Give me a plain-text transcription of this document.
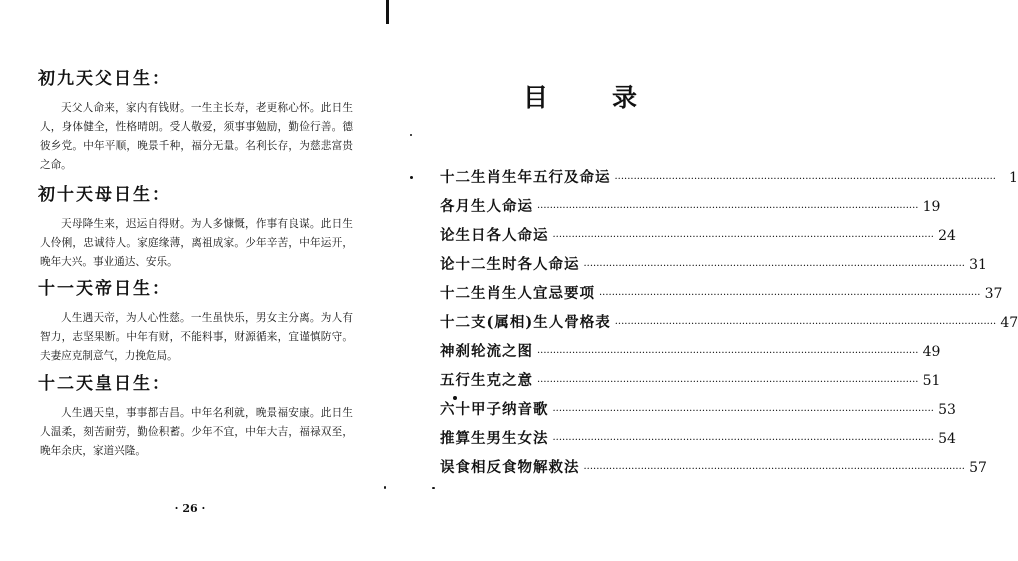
初九天父日生：

天父人命来，家内有钱财。一生主长寿，老更称心怀。此日生人，身体健全，性格晴朗。受人敬爱，须事事勉励，勤俭行善。德彼乡党。中年平顺，晚景千种，福分无量。名利长存，为慈悲富贵之命。

初十天母日生：

天母降生来，迟运自得财。为人多慷慨，作事有良谋。此日生人伶俐，忠诚待人。家庭缘薄，离祖成家。少年辛苦，中年运开，晚年大兴。事业通达、安乐。

十一天帝日生：

人生遇天帝，为人心性慈。一生虽快乐，男女主分离。为人有智力，志坚果断。中年有财，不能料事，财源循来，宜谨慎防守。夫妻应克制意气，力挽危局。

十二天皇日生：

人生遇天皇，事事都吉昌。中年名利就，晚景福安康。此日生人温柔，刻苦耐劳，勤俭积蓄。少年不宜，中年大吉，福禄双至，晚年余庆，家道兴隆。

· 26 ·
目录
十二生肖生年五行及命运 ························································································································ 1
各月生人命运 ························································································································ 19
论生日各人命运 ························································································································ 24
论十二生时各人命运 ························································································································ 31
十二生肖生人宜忌要项 ························································································································ 37
十二支(属相)生人骨格表 ························································································································ 47
神刹轮流之图 ························································································································ 49
五行生克之意 ························································································································ 51
六十甲子纳音歌 ························································································································ 53
推算生男生女法 ························································································································ 54
误食相反食物解救法 ························································································································ 57
